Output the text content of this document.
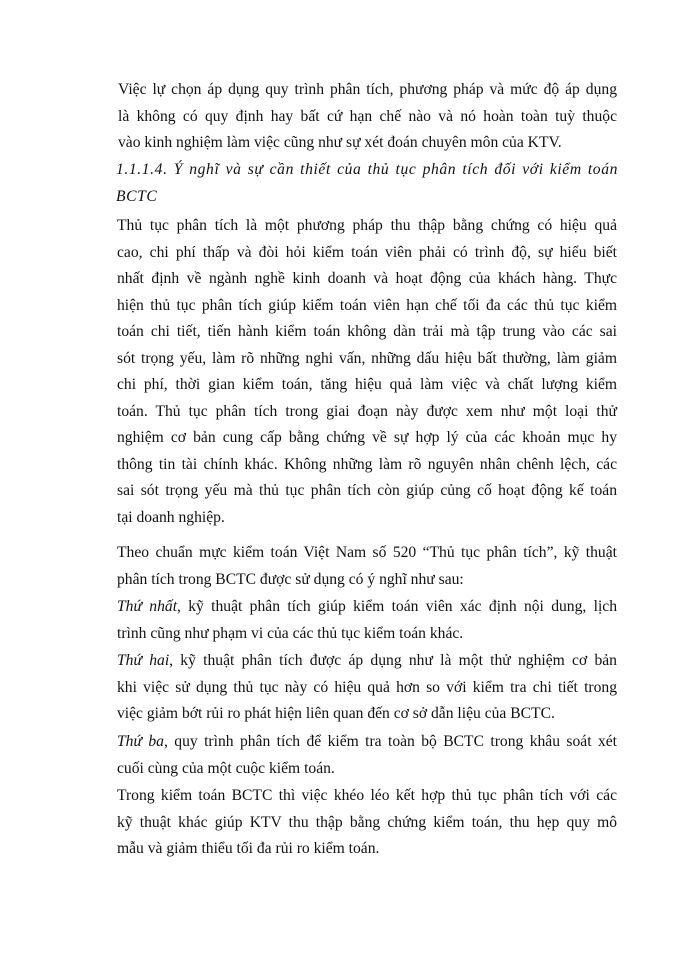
Việc lự chọn áp dụng quy trình phân tích, phương pháp và mức độ áp dụng
là không có quy định hay bất cứ hạn chế nào và nó hoàn toàn tuỳ thuộc
vào kinh nghiệm làm việc cũng như sự xét đoán chuyên môn của KTV.

1.1.1.4. Ý nghĩ và sự cần thiết của thủ tục phân tích đối với kiểm toán
BCTC

Thủ tục phân tích là một phương pháp thu thập bằng chứng có hiệu quả
cao, chi phí thấp và đòi hỏi kiểm toán viên phải có trình độ, sự hiểu biết
nhất định về ngành nghề kinh doanh và hoạt động của khách hàng. Thực
hiện thủ tục phân tích giúp kiểm toán viên hạn chế tối đa các thủ tục kiểm
toán chi tiết, tiến hành kiểm toán không dàn trải mà tập trung vào các sai
sót trọng yếu, làm rõ những nghi vấn, những dấu hiệu bất thường, làm giảm
chi phí, thời gian kiểm toán, tăng hiệu quả làm việc và chất lượng kiểm
toán. Thủ tục phân tích trong giai đoạn này được xem như một loại thử
nghiệm cơ bản cung cấp bằng chứng về sự hợp lý của các khoản mục hy
thông tin tài chính khác. Không những làm rõ nguyên nhân chênh lệch, các
sai sót trọng yếu mà thủ tục phân tích còn giúp củng cố hoạt động kế toán
tại doanh nghiệp.

Theo chuẩn mực kiểm toán Việt Nam số 520 “Thủ tục phân tích”, kỹ thuật
phân tích trong BCTC được sử dụng có ý nghĩ như sau:

Thứ nhất, kỹ thuật phân tích giúp kiểm toán viên xác định nội dung, lịch
trình cũng như phạm vi của các thủ tục kiểm toán khác.

Thứ hai, kỹ thuật phân tích được áp dụng như là một thử nghiệm cơ bản
khi việc sử dụng thủ tục này có hiệu quả hơn so với kiểm tra chi tiết trong
việc giảm bớt rủi ro phát hiện liên quan đến cơ sở dẫn liệu của BCTC.

Thứ ba, quy trình phân tích để kiểm tra toàn bộ BCTC trong khâu soát xét
cuối cùng của một cuộc kiểm toán.

Trong kiểm toán BCTC thì việc khéo léo kết hợp thủ tục phân tích với các
kỹ thuật khác giúp KTV thu thập bằng chứng kiểm toán, thu hẹp quy mô
mẫu và giảm thiểu tối đa rủi ro kiểm toán.
